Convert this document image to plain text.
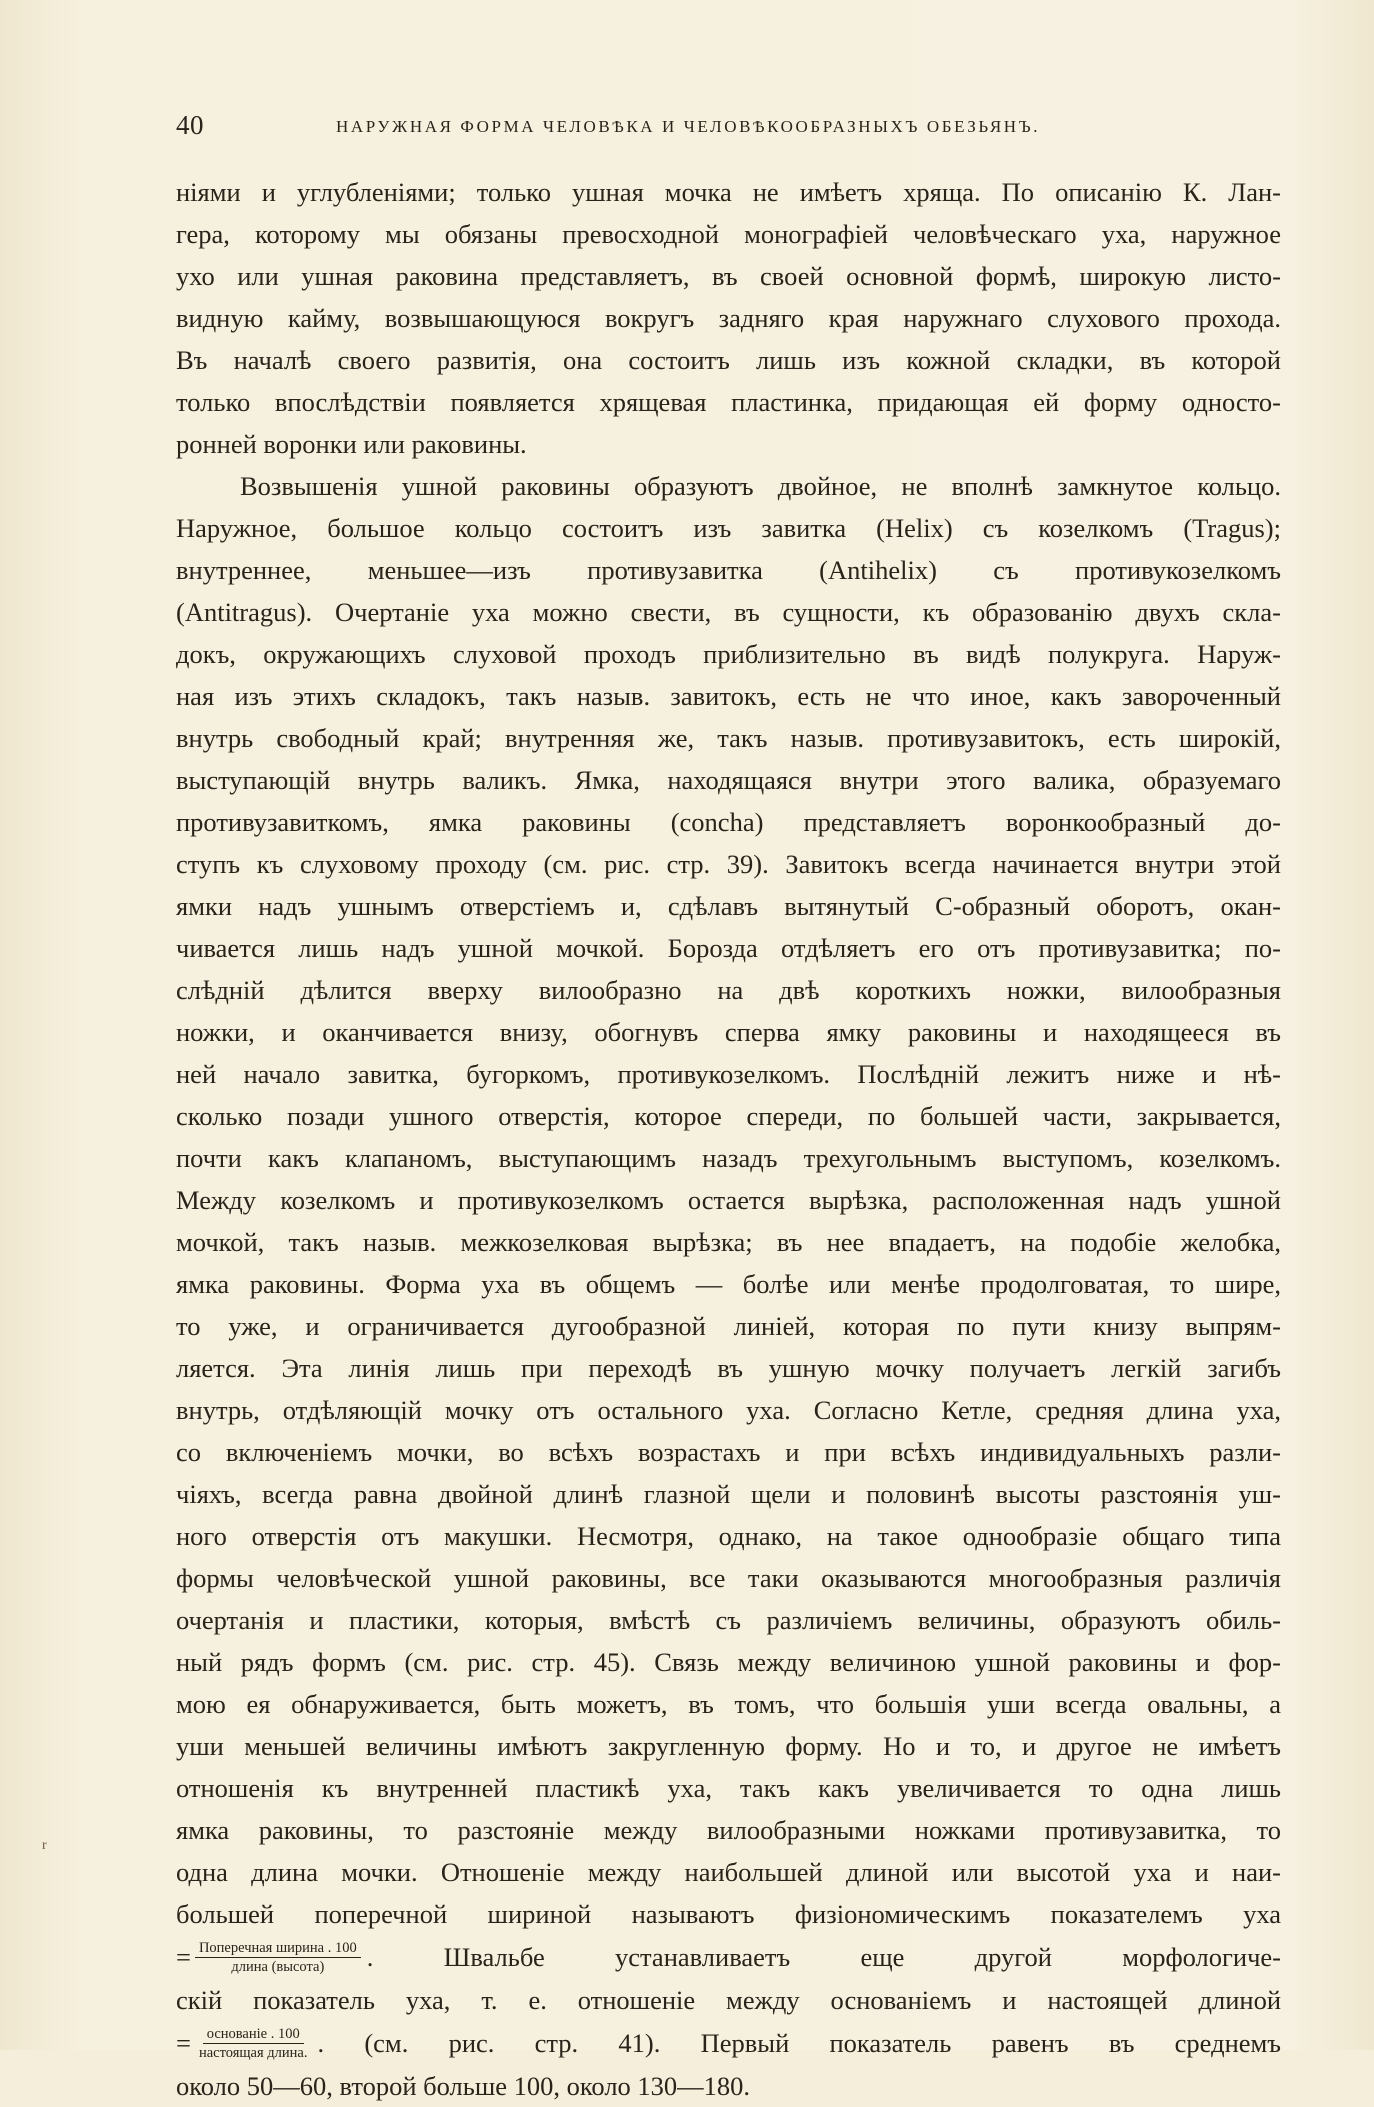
40	НАРУЖНАЯ ФОРМА ЧЕЛОВѢКА И ЧЕЛОВѢКООБРАЗНЫХЪ ОБЕЗЬЯНЪ.
ніями и углубленіями; только ушная мочка не имѣетъ хряща. По описанію К. Лан-
гера, которому мы обязаны превосходной монографіей человѣческаго уха, наружное
ухо или ушная раковина представляетъ, въ своей основной формѣ, широкую листо-
видную кайму, возвышающуюся вокругъ задняго края наружнаго слухового прохода.
Въ началѣ своего развитія, она состоитъ лишь изъ кожной складки, въ которой
только впослѣдствіи появляется хрящевая пластинка, придающая ей форму односто-
ронней воронки или раковины.
Возвышенія ушной раковины образуютъ двойное, не вполнѣ замкнутое кольцо.
Наружное, большое кольцо состоитъ изъ завитка (Helix) съ козелкомъ (Tragus);
внутреннее, меньшее—изъ противузавитка (Antihelix) съ противукозелкомъ
(Antitragus). Очертаніе уха можно свести, въ сущности, къ образованію двухъ скла-
докъ, окружающихъ слуховой проходъ приблизительно въ видѣ полукруга. Наруж-
ная изъ этихъ складокъ, такъ назыв. завитокъ, есть не что иное, какъ завороченный
внутрь свободный край; внутренняя же, такъ назыв. противузавитокъ, есть широкій,
выступающій внутрь валикъ. Ямка, находящаяся внутри этого валика, образуемаго
противузавиткомъ, ямка раковины (concha) представляетъ воронкообразный до-
ступъ къ слуховому проходу (см. рис. стр. 39). Завитокъ всегда начинается внутри этой
ямки надъ ушнымъ отверстіемъ и, сдѣлавъ вытянутый С-образный оборотъ, окан-
чивается лишь надъ ушной мочкой. Борозда отдѣляетъ его отъ противузавитка; по-
слѣдній дѣлится вверху вилообразно на двѣ короткихъ ножки, вилообразныя
ножки, и оканчивается внизу, обогнувъ сперва ямку раковины и находящееся въ
ней начало завитка, бугоркомъ, противукозелкомъ. Послѣдній лежитъ ниже и нѣ-
сколько позади ушного отверстія, которое спереди, по большей части, закрывается,
почти какъ клапаномъ, выступающимъ назадъ трехугольнымъ выступомъ, козелкомъ.
Между козелкомъ и противукозелкомъ остается вырѣзка, расположенная надъ ушной
мочкой, такъ назыв. межкозелковая вырѣзка; въ нее впадаетъ, на подобіе желобка,
ямка раковины. Форма уха въ общемъ — болѣе или менѣе продолговатая, то шире,
то уже, и ограничивается дугообразной линіей, которая по пути книзу выпрям-
ляется. Эта линія лишь при переходѣ въ ушную мочку получаетъ легкій загибъ
внутрь, отдѣляющій мочку отъ остального уха. Согласно Кетле, средняя длина уха,
со включеніемъ мочки, во всѣхъ возрастахъ и при всѣхъ индивидуальныхъ разли-
чіяхъ, всегда равна двойной длинѣ глазной щели и половинѣ высоты разстоянія уш-
ного отверстія отъ макушки. Несмотря, однако, на такое однообразіе общаго типа
формы человѣческой ушной раковины, все таки оказываются многообразныя различія
очертанія и пластики, которыя, вмѣстѣ съ различіемъ величины, образуютъ обиль-
ный рядъ формъ (см. рис. стр. 45). Связь между величиною ушной раковины и фор-
мою ея обнаруживается, быть можетъ, въ томъ, что большія уши всегда овальны, а
уши меньшей величины имѣютъ закругленную форму. Но и то, и другое не имѣетъ
отношенія къ внутренней пластикѣ уха, такъ какъ увеличивается то одна лишь
ямка раковины, то разстояніе между вилообразными ножками противузавитка, то
одна длина мочки. Отношеніе между наибольшей длиной или высотой уха и наи-
большей поперечной шириной называютъ физіономическимъ показателемъ уха
= $\frac{\text{Поперечная ширина . 100}}{\text{длина (высота)}}$ . Швальбе устанавливаетъ еще другой морфологиче-
скій показатель уха, т. е. отношеніе между основаніемъ и настоящей длиной
= $\frac{\text{основаніе . 100}}{\text{настоящая длина.}}$ . (см. рис. стр. 41). Первый показатель равенъ въ среднемъ
около 50—60, второй больше 100, около 130—180.
r
